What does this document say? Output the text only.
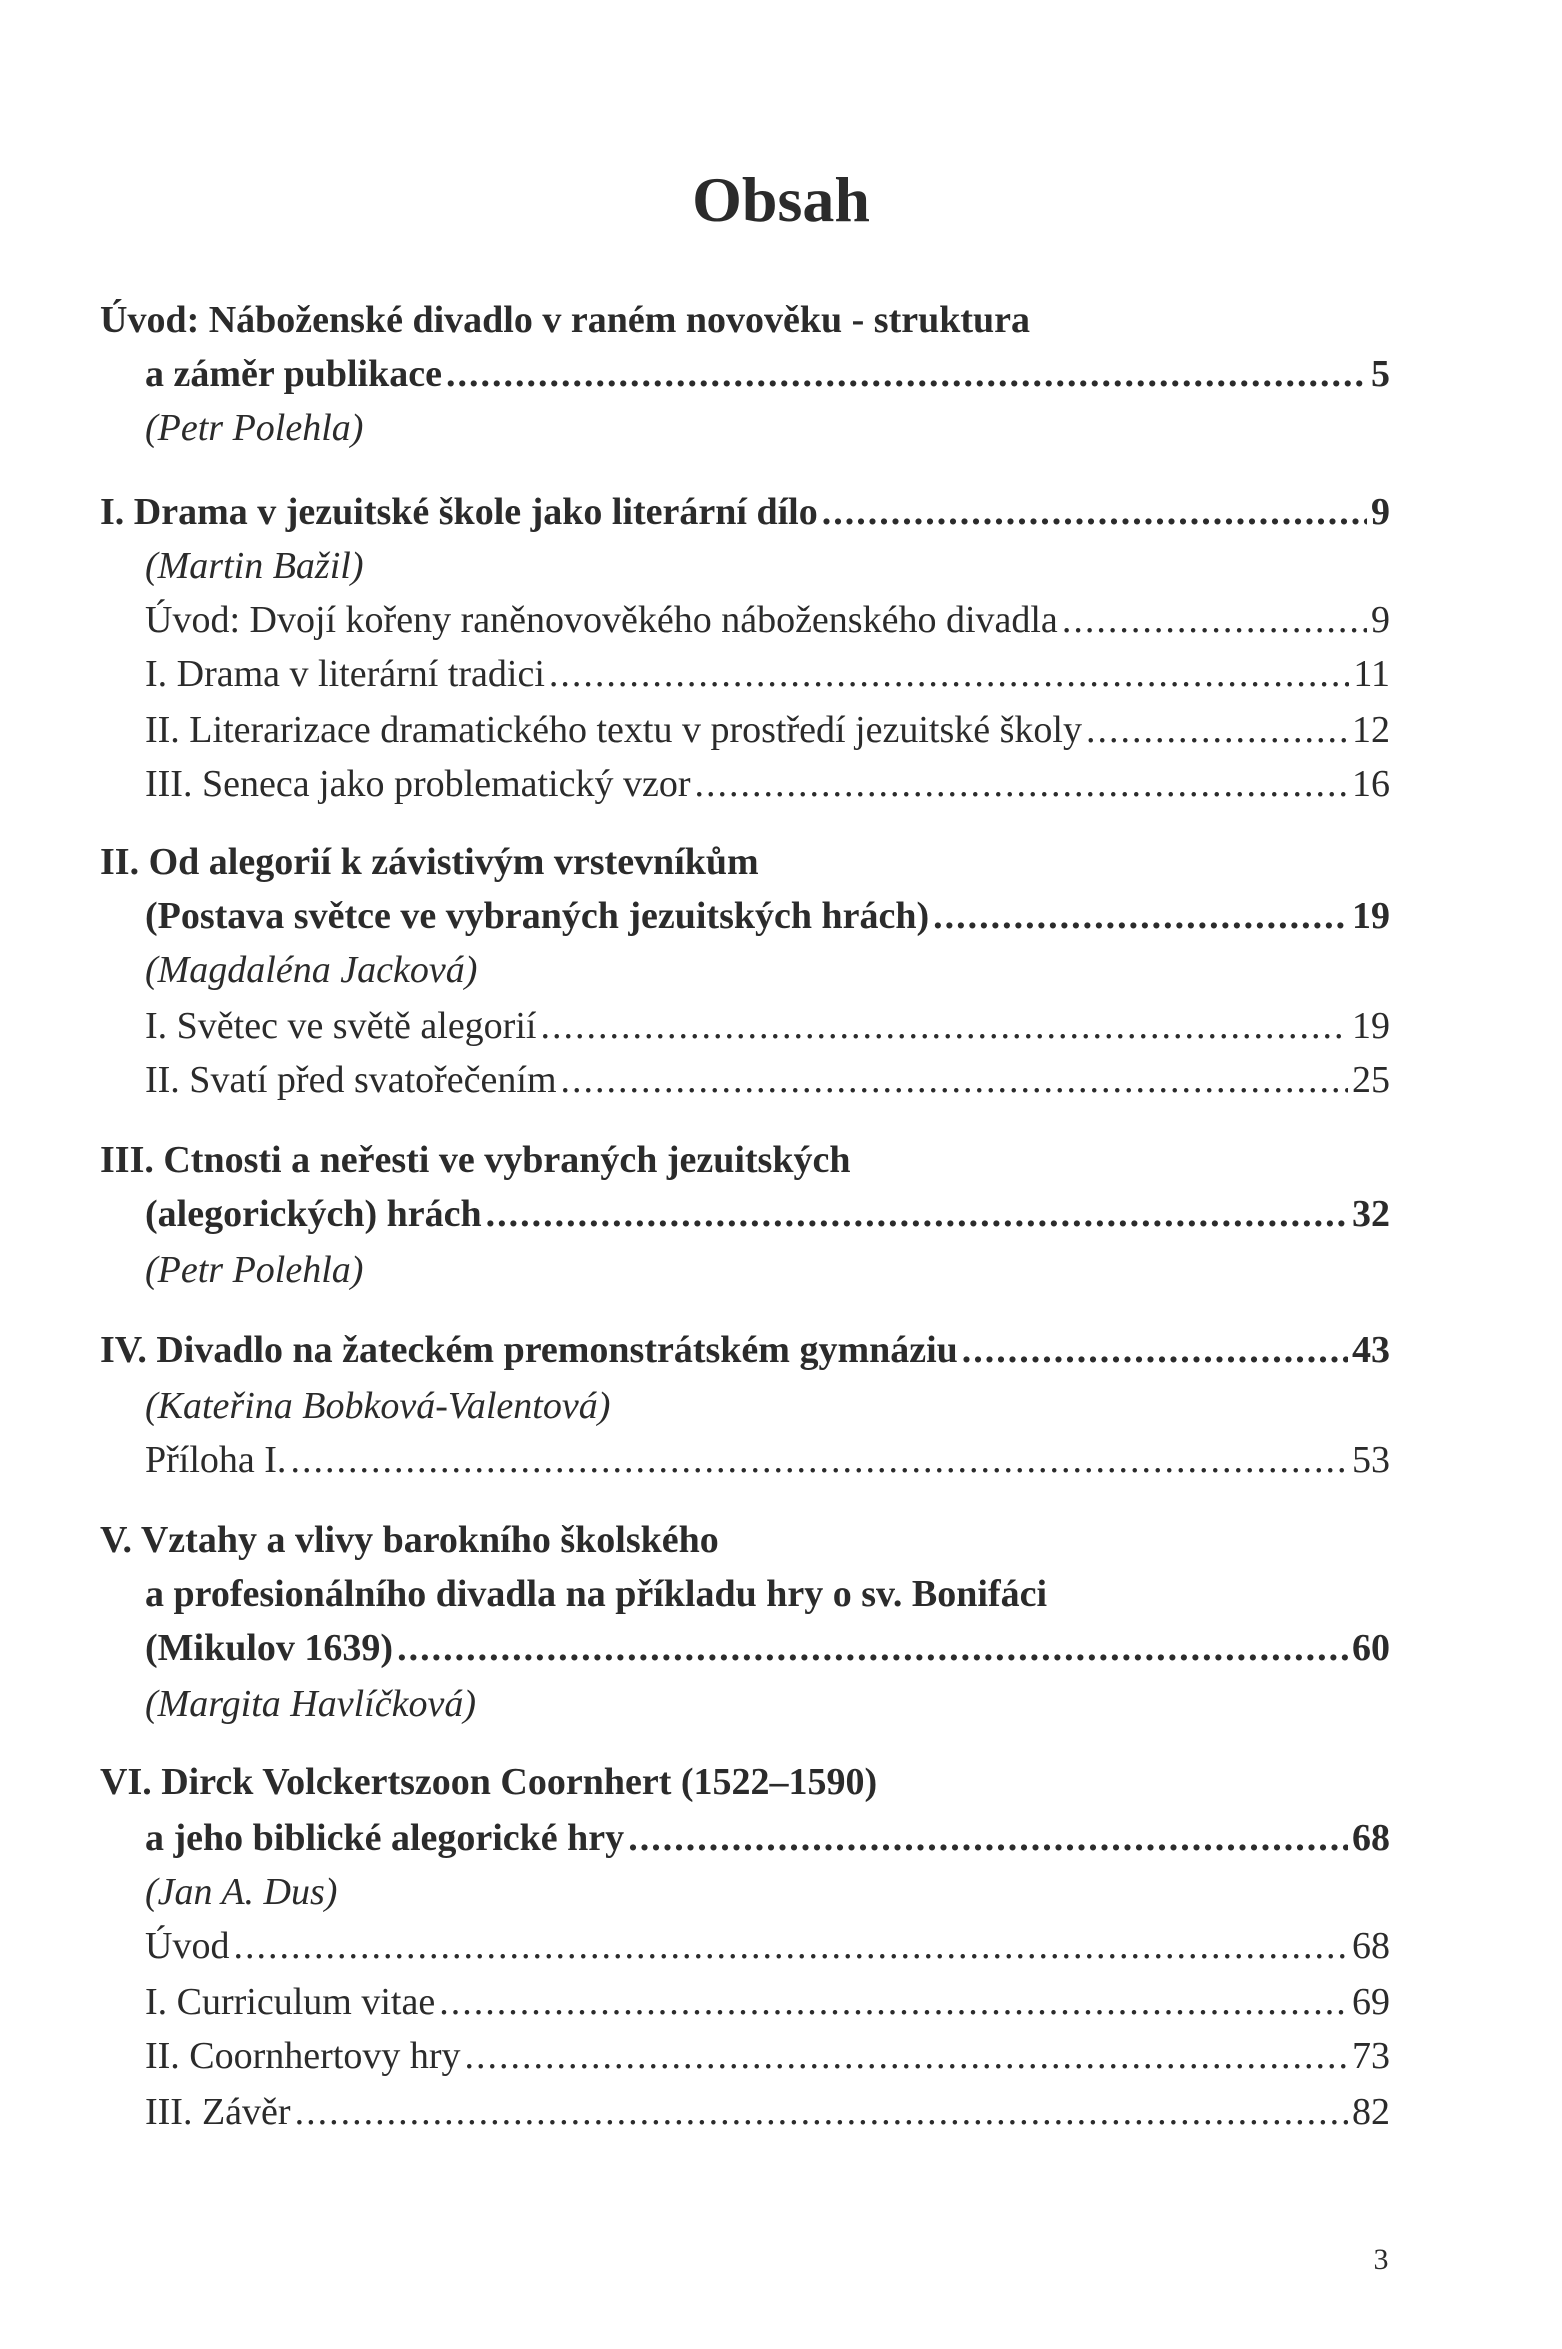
Obsah
Úvod: Náboženské divadlo v raném novověku - struktura
a záměr publikace .....	5
(Petr Polehla)
I. Drama v jezuitské škole jako literární dílo .....	9
(Martin Bažil)
Úvod: Dvojí kořeny raněnovověkého náboženského divadla .....	9
I. Drama v literární tradici .....	11
II. Literarizace dramatického textu v prostředí jezuitské školy .....	12
III. Seneca jako problematický vzor .....	16
II. Od alegorií k závistivým vrstevníkům
(Postava světce ve vybraných jezuitských hrách) .....	19
(Magdaléna Jacková)
I. Světec ve světě alegorií .....	19
II. Svatí před svatořečením .....	25
III. Ctnosti a neřesti ve vybraných jezuitských
(alegorických) hrách .....	32
(Petr Polehla)
IV. Divadlo na žateckém premonstrátském gymnáziu .....	43
(Kateřina Bobková-Valentová)
Příloha I. .....	53
V. Vztahy a vlivy barokního školského
a profesionálního divadla na příkladu hry o sv. Bonifáci
(Mikulov 1639) .....	60
(Margita Havlíčková)
VI. Dirck Volckertszoon Coornhert (1522–1590)
a jeho biblické alegorické hry .....	68
(Jan A. Dus)
Úvod .....	68
I. Curriculum vitae .....	69
II. Coornhertovy hry .....	73
III. Závěr .....	82
3
